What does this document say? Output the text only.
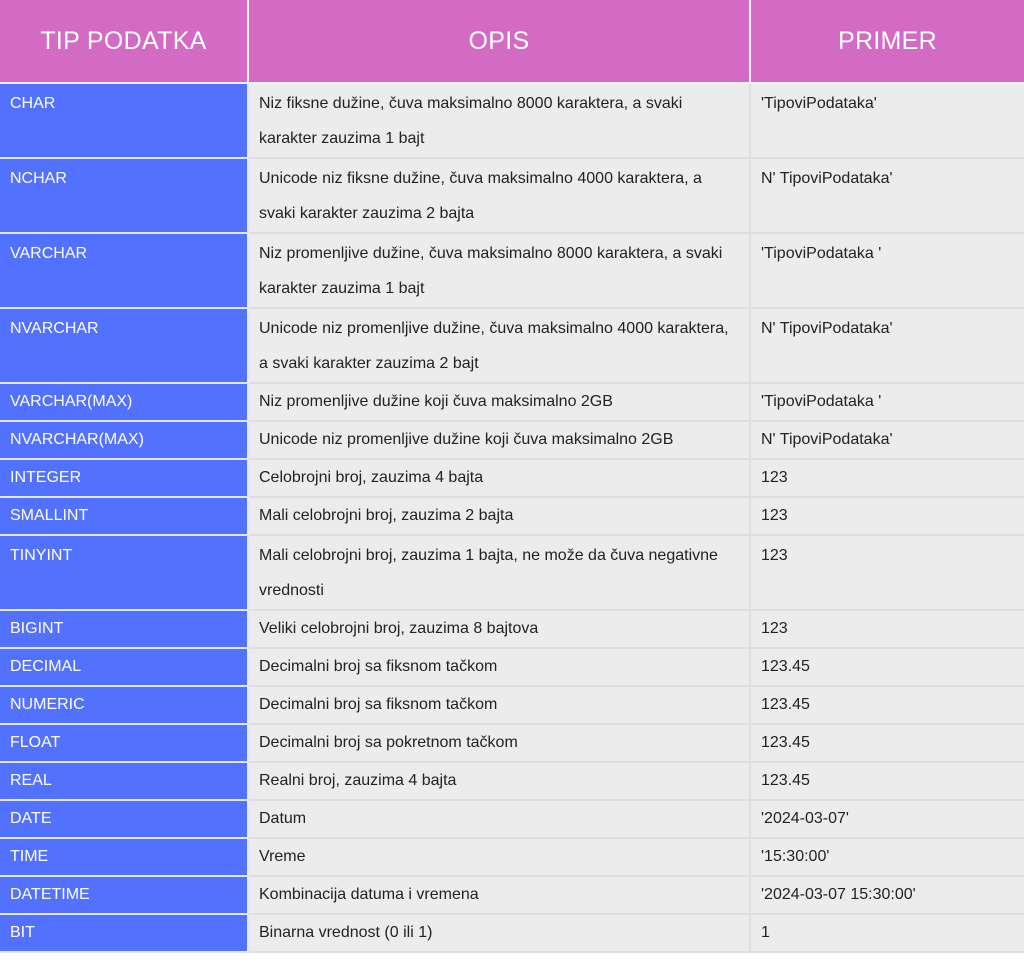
TIP PODATKA	OPIS	PRIMER
CHAR	Niz fiksne dužine, čuva maksimalno 8000 karaktera, a svaki karakter zauzima 1 bajt	'TipoviPodataka'
NCHAR	Unicode niz fiksne dužine, čuva maksimalno 4000 karaktera, a svaki karakter zauzima 2 bajta	N' TipoviPodataka'
VARCHAR	Niz promenljive dužine, čuva maksimalno 8000 karaktera, a svaki karakter zauzima 1 bajt	'TipoviPodataka '
NVARCHAR	Unicode niz promenljive dužine, čuva maksimalno 4000 karaktera, a svaki karakter zauzima 2 bajt	N' TipoviPodataka'
VARCHAR(MAX)	Niz promenljive dužine koji čuva maksimalno 2GB	'TipoviPodataka '
NVARCHAR(MAX)	Unicode niz promenljive dužine koji čuva maksimalno 2GB	N' TipoviPodataka'
INTEGER	Celobrojni broj, zauzima 4 bajta	123
SMALLINT	Mali celobrojni broj, zauzima 2 bajta	123
TINYINT	Mali celobrojni broj, zauzima 1 bajta, ne može da čuva negativne vrednosti	123
BIGINT	Veliki celobrojni broj, zauzima 8 bajtova	123
DECIMAL	Decimalni broj sa fiksnom tačkom	123.45
NUMERIC	Decimalni broj sa fiksnom tačkom	123.45
FLOAT	Decimalni broj sa pokretnom tačkom	123.45
REAL	Realni broj, zauzima 4 bajta	123.45
DATE	Datum	'2024-03-07'
TIME	Vreme	'15:30:00'
DATETIME	Kombinacija datuma i vremena	'2024-03-07 15:30:00'
BIT	Binarna vrednost (0 ili 1)	1
